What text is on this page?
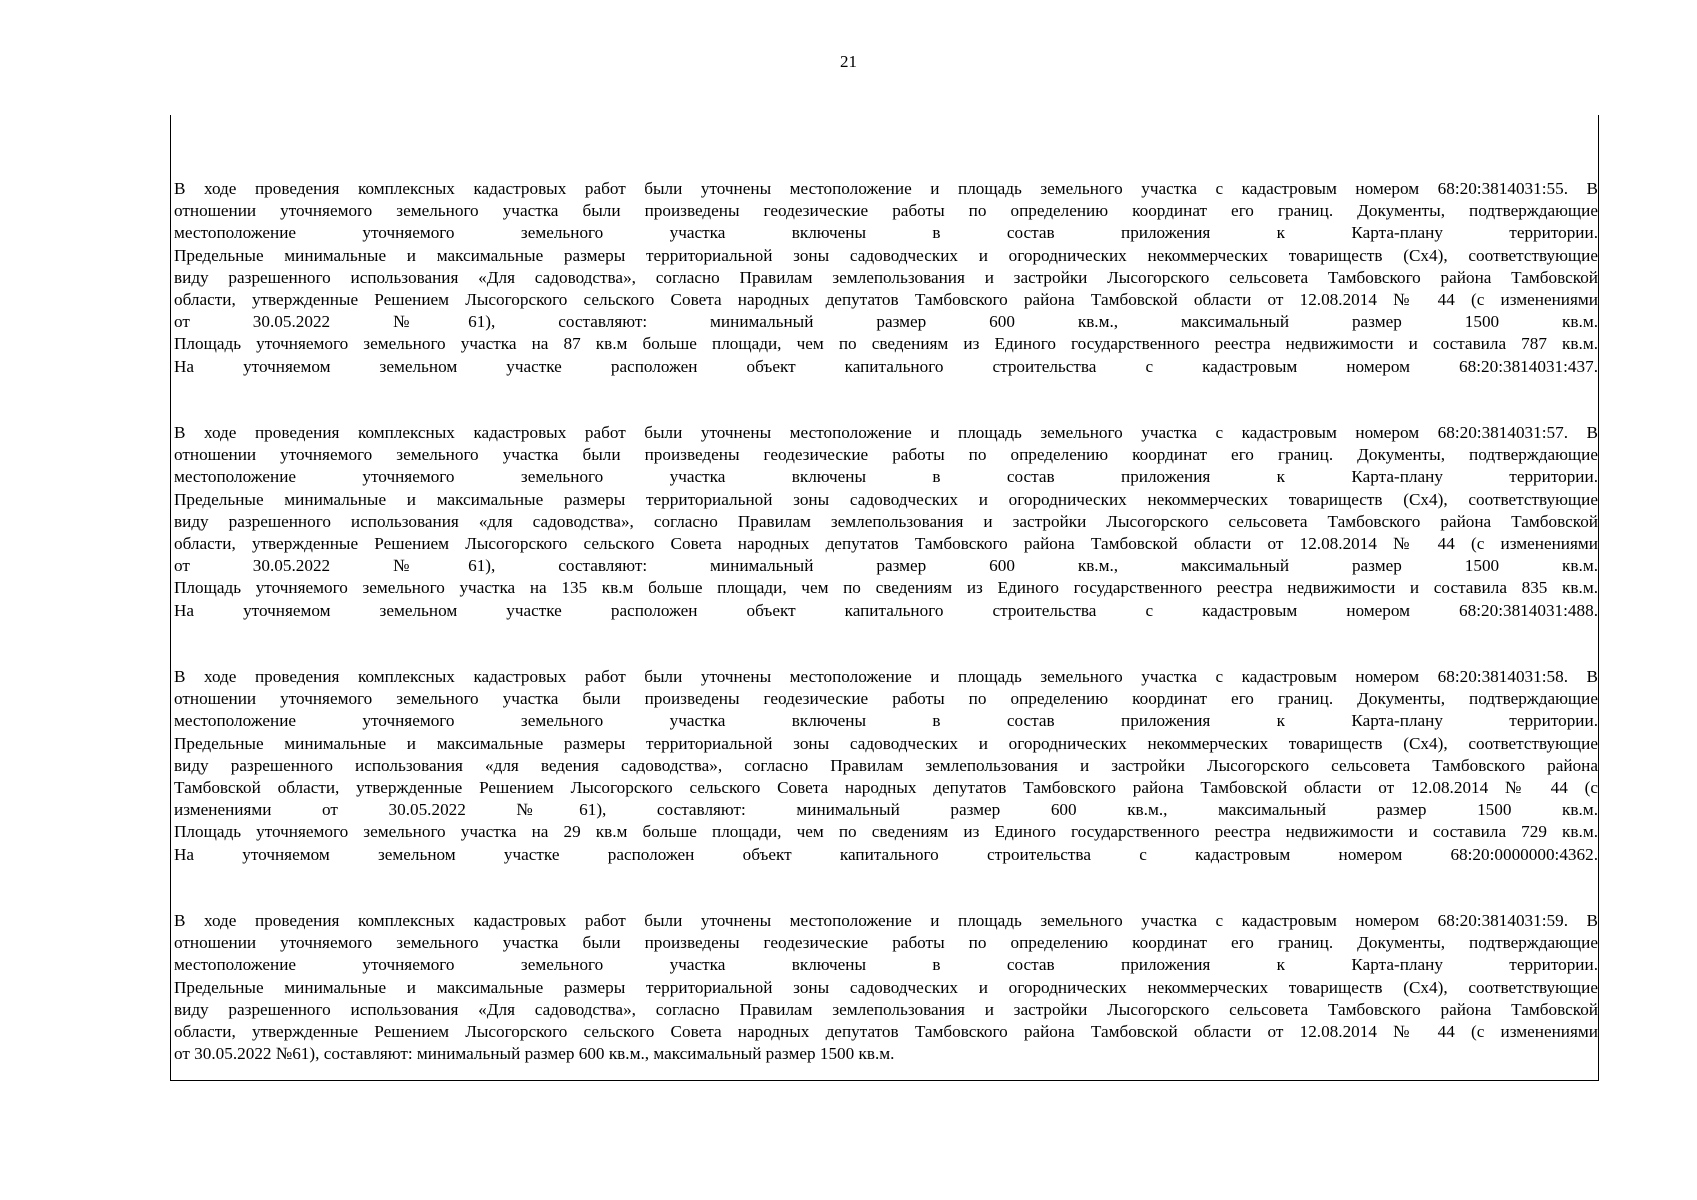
21
В ходе проведения комплексных кадастровых работ были уточнены местоположение и площадь земельного участка с кадастровым номером 68:20:3814031:55. В
отношении уточняемого земельного участка были произведены геодезические работы по определению координат его границ. Документы, подтверждающие
местоположение уточняемого земельного участка включены в состав приложения к Карта-плану территории.
Предельные минимальные и максимальные размеры территориальной зоны садоводческих и огороднических некоммерческих товариществ (Сх4), соответствующие
виду разрешенного использования «Для садоводства», согласно Правилам землепользования и застройки Лысогорского сельсовета Тамбовского района Тамбовской
области, утвержденные Решением Лысогорского сельского Совета народных депутатов Тамбовского района Тамбовской области от 12.08.2014 № 44 (с изменениями
от 30.05.2022 №61), составляют: минимальный размер 600 кв.м., максимальный размер 1500 кв.м.
Площадь уточняемого земельного участка на 87 кв.м больше площади, чем по сведениям из Единого государственного реестра недвижимости и составила 787 кв.м.
На уточняемом земельном участке расположен объект капитального строительства с кадастровым номером 68:20:3814031:437.
В ходе проведения комплексных кадастровых работ были уточнены местоположение и площадь земельного участка с кадастровым номером 68:20:3814031:57. В
отношении уточняемого земельного участка были произведены геодезические работы по определению координат его границ. Документы, подтверждающие
местоположение уточняемого земельного участка включены в состав приложения к Карта-плану территории.
Предельные минимальные и максимальные размеры территориальной зоны садоводческих и огороднических некоммерческих товариществ (Сх4), соответствующие
виду разрешенного использования «для садоводства», согласно Правилам землепользования и застройки Лысогорского сельсовета Тамбовского района Тамбовской
области, утвержденные Решением Лысогорского сельского Совета народных депутатов Тамбовского района Тамбовской области от 12.08.2014 № 44 (с изменениями
от 30.05.2022 №61), составляют: минимальный размер 600 кв.м., максимальный размер 1500 кв.м.
Площадь уточняемого земельного участка на 135 кв.м больше площади, чем по сведениям из Единого государственного реестра недвижимости и составила 835 кв.м.
На уточняемом земельном участке расположен объект капитального строительства с кадастровым номером 68:20:3814031:488.
В ходе проведения комплексных кадастровых работ были уточнены местоположение и площадь земельного участка с кадастровым номером 68:20:3814031:58. В
отношении уточняемого земельного участка были произведены геодезические работы по определению координат его границ. Документы, подтверждающие
местоположение уточняемого земельного участка включены в состав приложения к Карта-плану территории.
Предельные минимальные и максимальные размеры территориальной зоны садоводческих и огороднических некоммерческих товариществ (Сх4), соответствующие
виду разрешенного использования «для ведения садоводства», согласно Правилам землепользования и застройки Лысогорского сельсовета Тамбовского района
Тамбовской области, утвержденные Решением Лысогорского сельского Совета народных депутатов Тамбовского района Тамбовской области от 12.08.2014 № 44 (с
изменениями от 30.05.2022 №61), составляют: минимальный размер 600 кв.м., максимальный размер 1500 кв.м.
Площадь уточняемого земельного участка на 29 кв.м больше площади, чем по сведениям из Единого государственного реестра недвижимости и составила 729 кв.м.
На уточняемом земельном участке расположен объект капитального строительства с кадастровым номером 68:20:0000000:4362.
В ходе проведения комплексных кадастровых работ были уточнены местоположение и площадь земельного участка с кадастровым номером 68:20:3814031:59. В
отношении уточняемого земельного участка были произведены геодезические работы по определению координат его границ. Документы, подтверждающие
местоположение уточняемого земельного участка включены в состав приложения к Карта-плану территории.
Предельные минимальные и максимальные размеры территориальной зоны садоводческих и огороднических некоммерческих товариществ (Сх4), соответствующие
виду разрешенного использования «Для садоводства», согласно Правилам землепользования и застройки Лысогорского сельсовета Тамбовского района Тамбовской
области, утвержденные Решением Лысогорского сельского Совета народных депутатов Тамбовского района Тамбовской области от 12.08.2014 № 44 (с изменениями
от 30.05.2022 №61), составляют: минимальный размер 600 кв.м., максимальный размер 1500 кв.м.
